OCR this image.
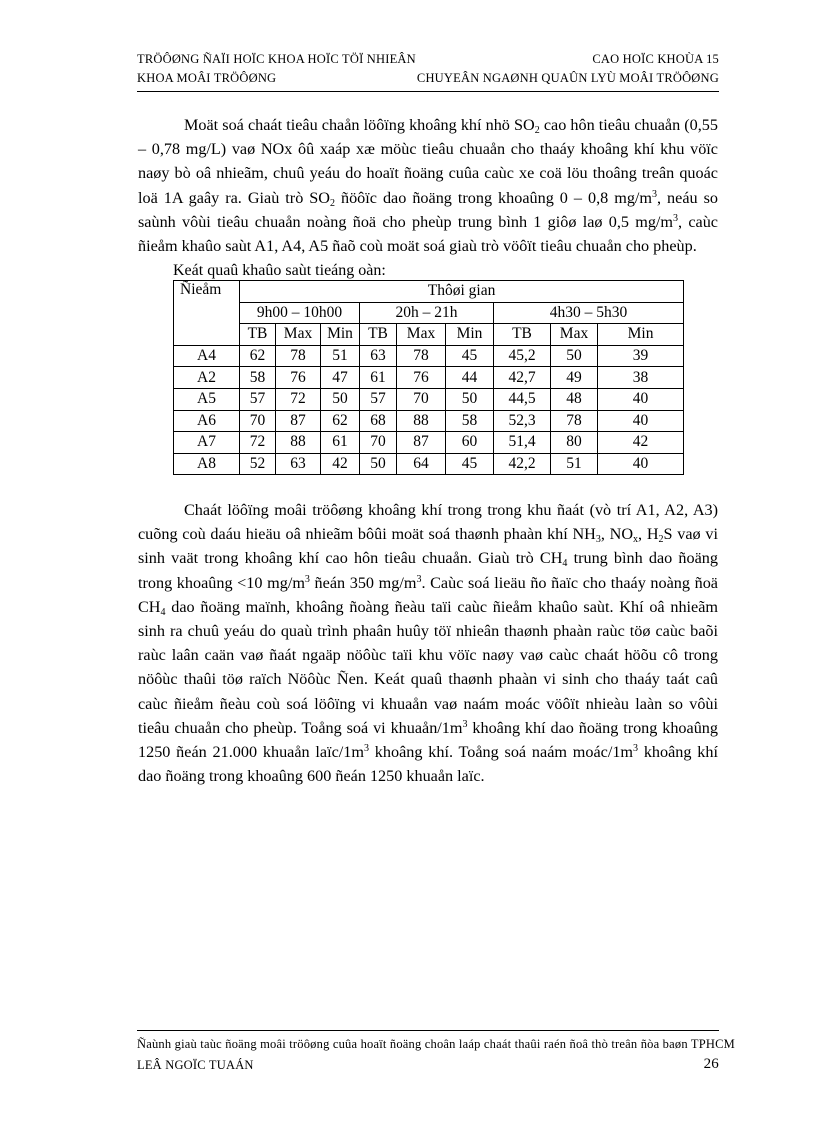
TRÖÔØNG ÑAÏI HOÏC KHOA HOÏC TÖÏ NHIEÂN	CAO HOÏC KHOÙA 15
KHOA MOÂI TRÖÔØNG	CHUYEÂN NGAØNH QUAÛN LYÙ MOÂI TRÖÔØNG

Moät soá chaát tieâu chaån löôïng khoâng khí nhö $SO_2$ cao hôn tieâu chuaån (0,55 – 0,78 mg/L) vaø NOx ôû xaáp xæ möùc tieâu chuaån cho thaáy khoâng khí khu vöïc naøy bò oâ nhieãm, chuû yeáu do hoaït ñoäng cuûa caùc xe coä löu thoâng treân quoác loä 1A gaây ra. Giaù trò $SO_2$ ñöôïc dao ñoäng trong khoaûng 0 – 0,8 $mg/m^3$, neáu so saùnh vôùi tieâu chuaån noàng ñoä cho pheùp trung bình 1 giôø laø 0,5 $mg/m^3$, caùc ñieåm khaûo saùt A1, A4, A5 ñaõ coù moät soá giaù trò vöôït tieâu chuaån cho pheùp.

Keát quaû khaûo saùt tieáng oàn:
Ñieåm	Thôøi gian								
	9h00 – 10h00			20h – 21h			4h30 – 5h30		
	TB	Max	Min	TB	Max	Min	TB	Max	Min
A4	62	78	51	63	78	45	45,2	50	39
A2	58	76	47	61	76	44	42,7	49	38
A5	57	72	50	57	70	50	44,5	48	40
A6	70	87	62	68	88	58	52,3	78	40
A7	72	88	61	70	87	60	51,4	80	42
A8	52	63	42	50	64	45	42,2	51	40

Chaát löôïng moâi tröôøng khoâng khí trong trong khu ñaát (vò trí A1, A2, A3) cuõng coù daáu hieäu oâ nhieãm bôûi moät soá thaønh phaàn khí $NH_3$, $NO_x$, $H_2S$ vaø vi sinh vaät trong khoâng khí cao hôn tieâu chuaån. Giaù trò $CH_4$ trung bình dao ñoäng trong khoaûng <10 $mg/m^3$ ñeán 350 $mg/m^3$. Caùc soá lieäu ño ñaïc cho thaáy noàng ñoä $CH_4$ dao ñoäng maïnh, khoâng ñoàng ñeàu taïi caùc ñieåm khaûo saùt. Khí oâ nhieãm sinh ra chuû yeáu do quaù trình phaân huûy töï nhieân thaønh phaàn raùc töø caùc baõi raùc laân caän vaø ñaát ngaäp nöôùc taïi khu vöïc naøy vaø caùc chaát höõu cô trong nöôùc thaûi töø raïch Nöôùc Ñen. Keát quaû thaønh phaàn vi sinh cho thaáy taát caû caùc ñieåm ñeàu coù soá löôïng vi khuaån vaø naám moác vöôït nhieàu laàn so vôùi tieâu chuaån cho pheùp. Toång soá vi khuaån/$1m^3$ khoâng khí dao ñoäng trong khoaûng 1250 ñeán 21.000 khuaån laïc/$1m^3$ khoâng khí. Toång soá naám moác/$1m^3$ khoâng khí dao ñoäng trong khoaûng 600 ñeán 1250 khuaån laïc.

Ñaùnh giaù taùc ñoäng moâi tröôøng cuûa hoaït ñoäng choân laáp chaát thaûi raén ñoâ thò treân ñòa baøn TPHCM
LEÂ NGOÏC TUAÁN	26
